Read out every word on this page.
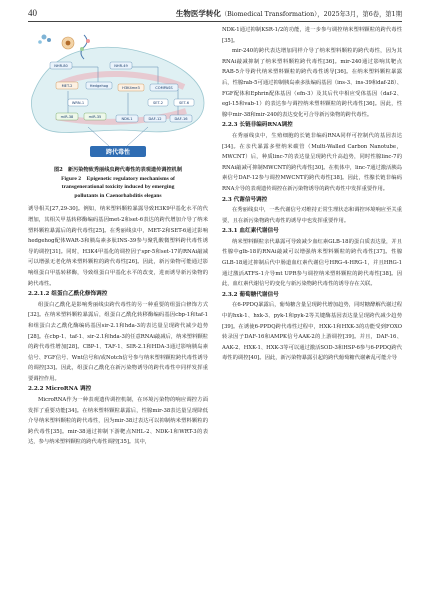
40	生物医学转化（Biomedical Transformation），2025年3月，第6卷，第1期
NHR-80	NHR-49
MET-2	Hedgehog	H3K4me3	COMPASS
miR-38	miR-35	NDK-1	DAF-12	DAF-16
WRN-1	SET-2	SET-6
跨代毒性
图2　新污染物致秀丽线虫跨代毒性的表观遗传调控机制
Figure 2　Epigenetic regulatory mechanisms of
transgenerational toxicity induced by emerging
pollutants in Caenorhabditis elegans

诱导相关[27,29-30]。例如，纳米塑料颗粒暴露导致H3K9甲基化水平的代增加，其相关甲基转移酶编码基因met-2和set-6表达的跨代增加介导了纳米塑料颗粒暴露后的跨代毒性[25]。在秀丽线虫中，MET-2和SET-6通过影响hedgehog配体WAR-3和胰岛素多肽INS-39参与聚乳酸微塑料跨代毒性诱导的调控[31]。同时，H3K4甲基化的调控因子spr-5和set-17的RNAi敲减可以增强无老化纳米塑料颗粒的跨代毒性[26]。因此，新污染物可能通过影响组蛋白甲基转移酶，导致组蛋白甲基化水平的改变，进而诱导新污染物的跨代毒性。

2.2.1.2 组蛋白乙酰化修饰调控

组蛋白乙酰化是影响秀丽线虫跨代毒性的另一种重要的组蛋白修饰方式[32]。在纳米塑料颗粒暴露后，组蛋白乙酰化转移酶编码基因cbp-1和taf-1和组蛋白去乙酰化酶编码基因sir-2.1和hda-3的表达量呈现跨代减少趋势[28]。在cbp-1、taf-1、sir-2.1和hda-3的任意RNAi敲减后，纳米塑料颗粒的跨代毒性增加[28]。CBP-1、TAF-1、SIR-2.1和HDA-3通过影响胰岛素信号、FGF信号、Wnt信号和/或Notch信号参与纳米塑料颗粒跨代毒性诱导的调控[33]。因此，组蛋白乙酰化在新污染物诱导的跨代毒性中同样发挥重要调控作用。

2.2.2 MicroRNA 调控

MicroRNA作为一种表观遗传调控机制，在环境污染物的响应调控方面发挥了重要功能[34]。在纳米塑料颗粒暴露后，性腺mir-38表达量呈现降低介导纳米塑料颗粒的跨代毒性，因为mir-38过表达可以抑制纳米塑料颗粒的跨代毒性[35]。mir-38通过抑制下游靶点NHL-2、NDK-1和WRT-3的表达，参与纳米塑料颗粒的跨代毒性调控[35]。其中，

NDK-1通过抑制KSR-1/2的功能，进一步参与调控纳米塑料颗粒的跨代毒性[35]。

mir-240的跨代表达增加同样介导了纳米塑料颗粒的跨代毒性，因为其RNAi敲减抑制了纳米塑料颗粒跨代毒性[36]。mir-240通过影响其靶点RAB-5介导跨代纳米塑料颗粒的跨代毒性诱导[36]。在纳米塑料颗粒暴露后，性腺rab-5可通过抑制胰岛素多肽编码基因（ins-3、ins-39和daf-28）、FGF配体和Ephrin配体基因（efn-3）及其后代中相应受体基因（daf-2、egl-15和vab-1）的表达参与调控纳米塑料颗粒的跨代毒性[36]。因此，性腺中mir-38和mir-240的表达变化可合导新污染物的跨代毒性。

2.2.3 长链非编码RNA调控

在秀丽线虫中，生殖细胞的长链非编码RNA同样可控制代的基因表达[34]。在亲代暴露多壁纳米碳管（Multi-Walled Carbon Nanotube，MWCNT）后，种质linc-7的表达量呈现跨代升高趋势，同时性腺linc-7的RNAi敲减可抑制MWCNT的跨代毒性[30]。在机体中，linc-7通过激活胰岛素信号DAF-12参与调控MWCNT的跨代毒性[38]。因此，性腺长链非编码RNA介导的表观遗传调控在新污染物诱导的跨代毒性中发挥重要作用。

2.3 代谢信号调控

在秀丽线虫中，一些代谢信号对维持正常生理状态和调控环境响应至关重要，且在新污染物跨代毒性的诱导中也发挥重要作用。

2.3.1 血红素代谢信号

纳米塑料颗粒亲代暴露可导致减少血红素GLB-18的蛋白质表达量，并且性腺中glb-18的RNAi敲减可以增强纳米塑料颗粒的跨代毒性[37]。性腺GLB-18通过抑制后代中肠道血红素代谢信号HRG-4-HRG-1，并且HRG-1通过激活ATFS-1介导mt UPR参与调控纳米塑料颗粒的跨代毒性[38]。因此，血红素代谢信号的变化与新污染物跨代毒性的诱导存在关联。

2.3.2 葡萄糖代谢信号

在6-PPDQ暴露后，葡萄糖含量呈现跨代增加趋势，同时糖酵解代谢过程中的hxk-1、hxk-3、pyk-1和pyk-2等关键酶基因表达量呈现跨代减少趋势[39]。在诱使6-PPDQ跨代毒性过程中，HXK-1和HXK-3的功能受到FOXO转录因子DAF-16和AMPK信号AAK-2的上游调控[39]。并且，DAF-16、AAK-2、HXK-1、HXK-3等可以通过激活SOD-3和HSP-6参与6-PPDQ跨代毒性的调控[40]。因此，新污染物暴露引起的跨代葡萄糖代谢紊乱可能介导
